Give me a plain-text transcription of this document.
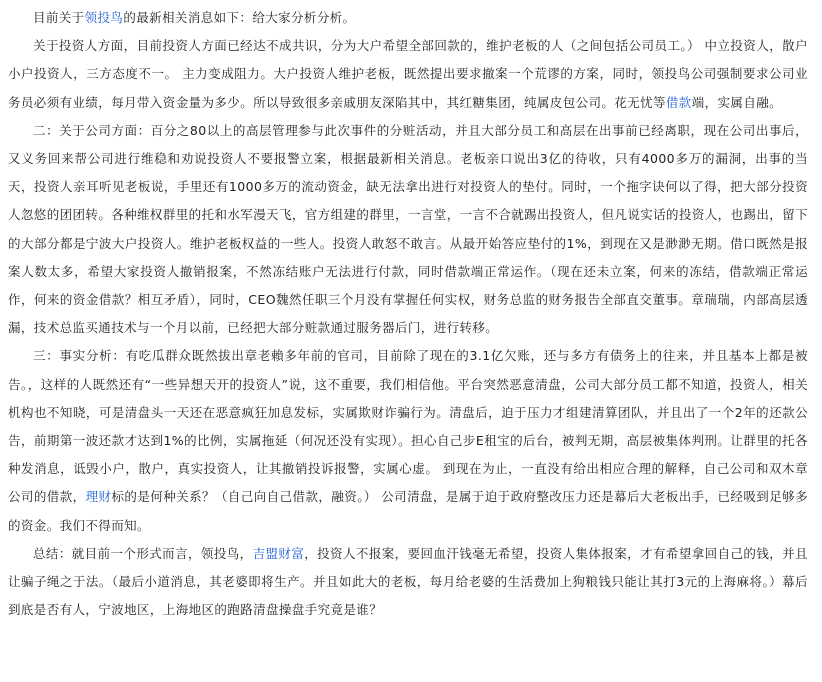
目前关于领投鸟的最新相关消息如下：给大家分析分析。

关于投资人方面，目前投资人方面已经达不成共识，分为大户希望全部回款的，维护老板的人（之间包括公司员工。） 中立投资人，散户小户投资人，三方态度不一。 主力变成阻力。大户投资人维护老板，既然提出要求撤案一个荒谬的方案，同时，领投鸟公司强制要求公司业务员必须有业绩，每月带入资金量为多少。所以导致很多亲戚朋友深陷其中，其红糖集团，纯属皮包公司。花无忧等借款端，实属自融。

二：关于公司方面：百分之80以上的高层管理参与此次事件的分赃活动，并且大部分员工和高层在出事前已经离职，现在公司出事后，又义务回来帮公司进行维稳和劝说投资人不要报警立案，根据最新相关消息。老板亲口说出3亿的待收，只有4000多万的漏洞，出事的当天，投资人亲耳听见老板说，手里还有1000多万的流动资金，缺无法拿出进行对投资人的垫付。同时，一个拖字诀何以了得，把大部分投资人忽悠的团团转。各种维权群里的托和水军漫天飞，官方组建的群里，一言堂，一言不合就踢出投资人，但凡说实话的投资人，也踢出，留下的大部分都是宁波大户投资人。维护老板权益的一些人。投资人敢怒不敢言。从最开始答应垫付的1%，到现在又是渺渺无期。借口既然是报案人数太多，希望大家投资人撤销报案，不然冻结账户无法进行付款，同时借款端正常运作。（现在还未立案，何来的冻结，借款端正常运作，何来的资金借款？相互矛盾），同时，CEO魏然任职三个月没有掌握任何实权，财务总监的财务报告全部直交董事。章瑞瑞，内部高层透漏，技术总监买通技术与一个月以前，已经把大部分赃款通过服务器后门，进行转移。

三：事实分析：有吃瓜群众既然拔出章老賴多年前的官司，目前除了现在的3.1亿欠账，还与多方有债务上的往来，并且基本上都是被告。，这样的人既然还有“一些异想天开的投资人”说，这不重要，我们相信他。平台突然恶意清盘，公司大部分员工都不知道，投资人，相关机构也不知晓，可是清盘头一天还在恶意疯狂加息发标，实属欺财诈骗行为。清盘后，迫于压力才组建清算团队，并且出了一个2年的还款公告，前期第一波还款才达到1%的比例，实属拖延（何况还没有实现）。担心自己步E租宝的后台，被判无期，高层被集体判刑。让群里的托各种发消息，诋毁小户，散户，真实投资人，让其撤销投诉报警，实属心虚。 到现在为止，一直没有给出相应合理的解释，自己公司和双木章公司的借款，理财标的是何种关系？（自己向自己借款，融资。） 公司清盘，是属于迫于政府整改压力还是幕后大老板出手，已经吸到足够多的资金。我们不得而知。

总结：就目前一个形式而言，领投鸟，吉盟财富，投资人不报案，要回血汗钱毫无希望，投资人集体报案，才有希望拿回自己的钱，并且让骗子绳之于法。（最后小道消息，其老婆即将生产。并且如此大的老板，每月给老婆的生活费加上狗粮钱只能让其打3元的上海麻将。）幕后到底是否有人，宁波地区，上海地区的跑路清盘操盘手究竟是谁？
